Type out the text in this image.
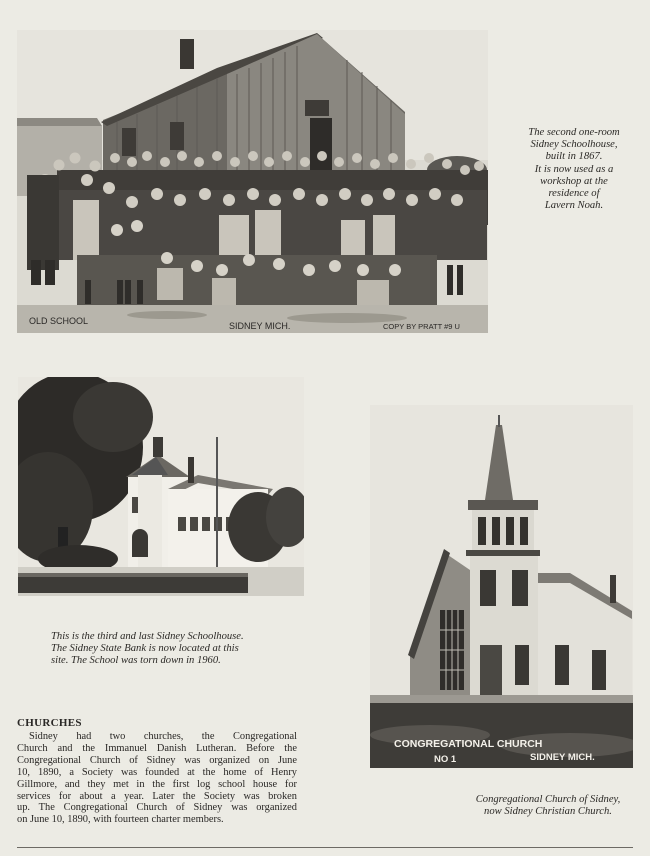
OLD SCHOOL	SIDNEY MICH.	COPY BY PRATT #9 U
The second one-room
Sidney Schoolhouse,
built in 1867.
It is now used as a
workshop at the
residence of
Lavern Noah.
This is the third and last Sidney Schoolhouse.
The Sidney State Bank is now located at this
site. The School was torn down in 1960.
CONGREGATIONAL CHURCH
NO 1	SIDNEY MICH.
Congregational Church of Sidney,
now Sidney Christian Church.
CHURCHES
Sidney had two churches, the Congregational
Church and the Immanuel Danish Lutheran. Before the
Congregational Church of Sidney was organized on June
10, 1890, a Society was founded at the home of Henry
Gillmore, and they met in the first log school house for
services for about a year. Later the Society was broken
up. The Congregational Church of Sidney was organized
on June 10, 1890, with fourteen charter members.
